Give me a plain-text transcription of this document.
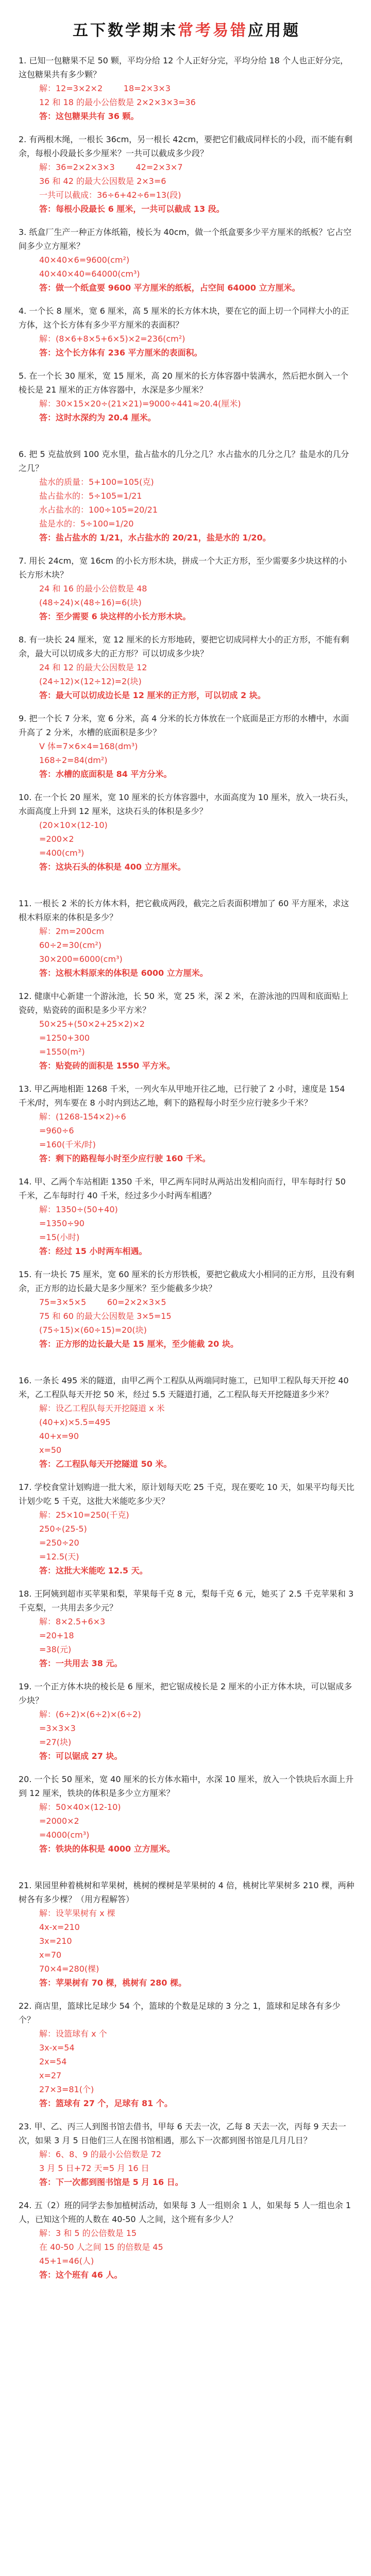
五下数学期末常考易错应用题
1. 已知一包糖果不足 50 颗，平均分给 12 个人正好分完，平均分给 18 个人也正好分完，这包糖果共有多少颗？
解：12=3×2×2        18=2×3×3
12 和 18 的最小公倍数是 2×2×3×3=36
答：这包糖果共有 36 颗。
2. 有两根木绳，一根长 36cm，另一根长 42cm，要把它们截成同样长的小段，而不能有剩余，每根小段最长多少厘米？一共可以截成多少段？
解：36=2×2×3×3        42=2×3×7
36 和 42 的最大公因数是 2×3=6
一共可以截成：36÷6+42÷6=13(段)
答：每根小段最长 6 厘米，一共可以截成 13 段。
3. 纸盒厂生产一种正方体纸箱，棱长为 40cm，做一个纸盒要多少平方厘米的纸板？它占空间多少立方厘米？
40×40×6=9600(cm²)
40×40×40=64000(cm³)
答：做一个纸盒要 9600 平方厘米的纸板，占空间 64000 立方厘米。
4. 一个长 8 厘米，宽 6 厘米，高 5 厘米的长方体木块，要在它的面上切一个同样大小的正方体，这个长方体有多少平方厘米的表面积？
解：(8×6+8×5+6×5)×2=236(cm²)
答：这个长方体有 236 平方厘米的表面积。
5. 在一个长 30 厘米，宽 15 厘米，高 20 厘米的长方体容器中装满水，然后把水倒入一个棱长是 21 厘米的正方体容器中，水深是多少厘米？
解：30×15×20÷(21×21)=9000÷441≈20.4(厘米)
答：这时水深约为 20.4 厘米。
6. 把 5 克盐放到 100 克水里，盐占盐水的几分之几？水占盐水的几分之几？盐是水的几分之几？
盐水的质量：5+100=105(克)
盐占盐水的：5÷105=1/21
水占盐水的：100÷105=20/21
盐是水的：5÷100=1/20
答：盐占盐水的 1/21，水占盐水的 20/21，盐是水的 1/20。
7. 用长 24cm，宽 16cm 的小长方形木块，拼成一个大正方形，至少需要多少块这样的小长方形木块？
24 和 16 的最小公倍数是 48
(48÷24)×(48÷16)=6(块)
答：至少需要 6 块这样的小长方形木块。
8. 有一块长 24 厘米，宽 12 厘米的长方形地砖，要把它切成同样大小的正方形，不能有剩余，最大可以切成多大的正方形？可以切成多少块？
24 和 12 的最大公因数是 12
(24÷12)×(12÷12)=2(块)
答：最大可以切成边长是 12 厘米的正方形，可以切成 2 块。
9. 把一个长 7 分米，宽 6 分米，高 4 分米的长方体放在一个底面是正方形的水槽中，水面升高了 2 分米，水槽的底面积是多少？
V 体=7×6×4=168(dm³)
168÷2=84(dm²)
答：水槽的底面积是 84 平方分米。
10. 在一个长 20 厘米，宽 10 厘米的长方体容器中，水面高度为 10 厘米，放入一块石头，水面高度上升到 12 厘米，这块石头的体积是多少？
(20×10×(12-10)
=200×2
=400(cm³)
答：这块石头的体积是 400 立方厘米。
11. 一根长 2 米的长方体木料，把它截成两段，截完之后表面积增加了 60 平方厘米，求这根木料原来的体积是多少？
解：2m=200cm
60÷2=30(cm²)
30×200=6000(cm³)
答：这根木料原来的体积是 6000 立方厘米。
12. 健康中心新建一个游泳池，长 50 米，宽 25 米，深 2 米，在游泳池的四周和底面贴上瓷砖，贴瓷砖的面积是多少平方米？
50×25+(50×2+25×2)×2
=1250+300
=1550(m²)
答：贴瓷砖的面积是 1550 平方米。
13. 甲乙两地相距 1268 千米，一列火车从甲地开往乙地，已行驶了 2 小时，速度是 154 千米/时，列车要在 8 小时内到达乙地，剩下的路程每小时至少应行驶多少千米？
解：(1268-154×2)÷6
=960÷6
=160(千米/时)
答：剩下的路程每小时至少应行驶 160 千米。
14. 甲、乙两个车站相距 1350 千米，甲乙两车同时从两站出发相向而行，甲车每时行 50 千米，乙车每时行 40 千米，经过多少小时两车相遇？
解：1350÷(50+40)
=1350÷90
=15(小时)
答：经过 15 小时两车相遇。
15. 有一块长 75 厘米，宽 60 厘米的长方形铁板，要把它截成大小相同的正方形，且没有剩余，正方形的边长最大是多少厘米？至少能截多少块？
75=3×5×5        60=2×2×3×5
75 和 60 的最大公因数是 3×5=15
(75÷15)×(60÷15)=20(块)
答：正方形的边长最大是 15 厘米，至少能截 20 块。
16. 一条长 495 米的隧道，由甲乙两个工程队从两端同时施工，已知甲工程队每天开挖 40 米，乙工程队每天开挖 50 米，经过 5.5 天隧道打通，乙工程队每天开挖隧道多少米？
解：设乙工程队每天开挖隧道 x 米
(40+x)×5.5=495
40+x=90
x=50
答：乙工程队每天开挖隧道 50 米。
17. 学校食堂计划购进一批大米，原计划每天吃 25 千克，现在要吃 10 天，如果平均每天比计划少吃 5 千克，这批大米能吃多少天？
解：25×10=250(千克)
250÷(25-5)
=250÷20
=12.5(天)
答：这批大米能吃 12.5 天。
18. 王阿姨到超市买苹果和梨，苹果每千克 8 元，梨每千克 6 元，她买了 2.5 千克苹果和 3 千克梨，一共用去多少元？
解：8×2.5+6×3
=20+18
=38(元)
答：一共用去 38 元。
19. 一个正方体木块的棱长是 6 厘米，把它锯成棱长是 2 厘米的小正方体木块，可以锯成多少块？
解：(6÷2)×(6÷2)×(6÷2)
=3×3×3
=27(块)
答：可以锯成 27 块。
20. 一个长 50 厘米，宽 40 厘米的长方体水箱中，水深 10 厘米，放入一个铁块后水面上升到 12 厘米，铁块的体积是多少立方厘米？
解：50×40×(12-10)
=2000×2
=4000(cm³)
答：铁块的体积是 4000 立方厘米。
21. 果园里种着桃树和苹果树，桃树的棵树是苹果树的 4 倍，桃树比苹果树多 210 棵，两种树各有多少棵？（用方程解答）
解：设苹果树有 x 棵
4x-x=210
3x=210
x=70
70×4=280(棵)
答：苹果树有 70 棵，桃树有 280 棵。
22. 商店里，篮球比足球少 54 个，篮球的个数是足球的 3 分之 1，篮球和足球各有多少个？
解：设篮球有 x 个
3x-x=54
2x=54
x=27
27×3=81(个)
答：篮球有 27 个，足球有 81 个。
23. 甲、乙、丙三人到图书馆去借书，甲每 6 天去一次，乙每 8 天去一次，丙每 9 天去一次，如果 3 月 5 日他们三人在图书馆相遇，那么下一次都到图书馆是几月几日？
解：6、8、9 的最小公倍数是 72
3 月 5 日+72 天=5 月 16 日
答：下一次都到图书馆是 5 月 16 日。
24. 五（2）班的同学去参加植树活动，如果每 3 人一组则余 1 人，如果每 5 人一组也余 1 人，已知这个班的人数在 40-50 人之间，这个班有多少人？
解：3 和 5 的公倍数是 15
在 40-50 人之间 15 的倍数是 45
45+1=46(人)
答：这个班有 46 人。
